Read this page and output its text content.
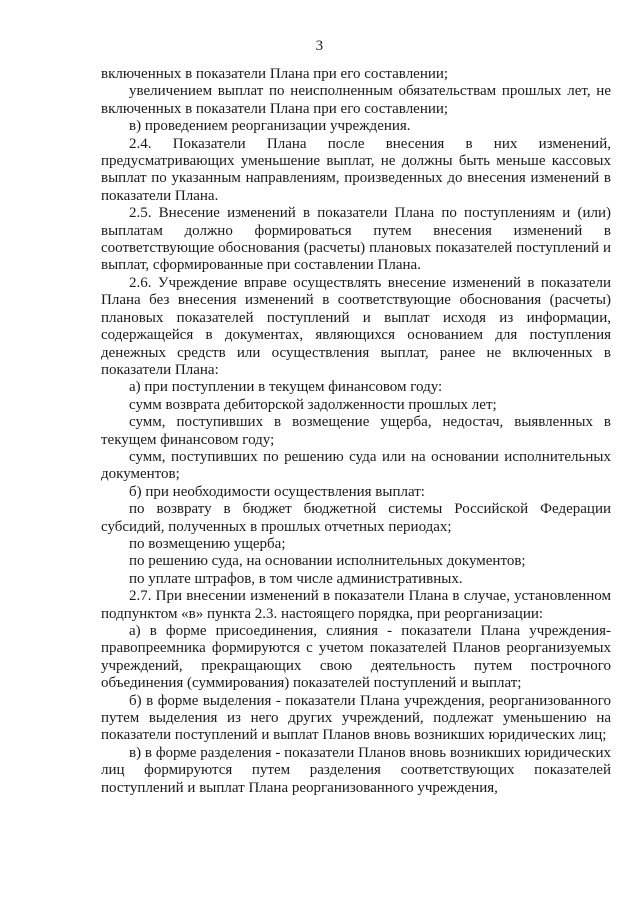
3

включенных в показатели Плана при его составлении;

увеличением выплат по неисполненным обязательствам прошлых лет, не включенных в показатели Плана при его составлении;

в) проведением реорганизации учреждения.

2.4. Показатели Плана после внесения в них изменений, предусматривающих уменьшение выплат, не должны быть меньше кассовых выплат по указанным направлениям, произведенных до внесения изменений в показатели Плана.

2.5. Внесение изменений в показатели Плана по поступлениям и (или) выплатам должно формироваться путем внесения изменений в соответствующие обоснования (расчеты) плановых показателей поступлений и выплат, сформированные при составлении Плана.

2.6. Учреждение вправе осуществлять внесение изменений в показатели Плана без внесения изменений в соответствующие обоснования (расчеты) плановых показателей поступлений и выплат исходя из информации, содержащейся в документах, являющихся основанием для поступления денежных средств или осуществления выплат, ранее не включенных в показатели Плана:

а) при поступлении в текущем финансовом году:

сумм возврата дебиторской задолженности прошлых лет;

сумм, поступивших в возмещение ущерба, недостач, выявленных в текущем финансовом году;

сумм, поступивших по решению суда или на основании исполнительных документов;

б) при необходимости осуществления выплат:

по возврату в бюджет бюджетной системы Российской Федерации субсидий, полученных в прошлых отчетных периодах;

по возмещению ущерба;

по решению суда, на основании исполнительных документов;

по уплате штрафов, в том числе административных.

2.7. При внесении изменений в показатели Плана в случае, установленном подпунктом «в» пункта 2.3. настоящего порядка, при реорганизации:

а) в форме присоединения, слияния - показатели Плана учреждения-правопреемника формируются с учетом показателей Планов реорганизуемых учреждений, прекращающих свою деятельность путем построчного объединения (суммирования) показателей поступлений и выплат;

б) в форме выделения - показатели Плана учреждения, реорганизованного путем выделения из него других учреждений, подлежат уменьшению на показатели поступлений и выплат Планов вновь возникших юридических лиц;

в) в форме разделения - показатели Планов вновь возникших юридических лиц формируются путем разделения соответствующих показателей поступлений и выплат Плана реорганизованного учреждения,
